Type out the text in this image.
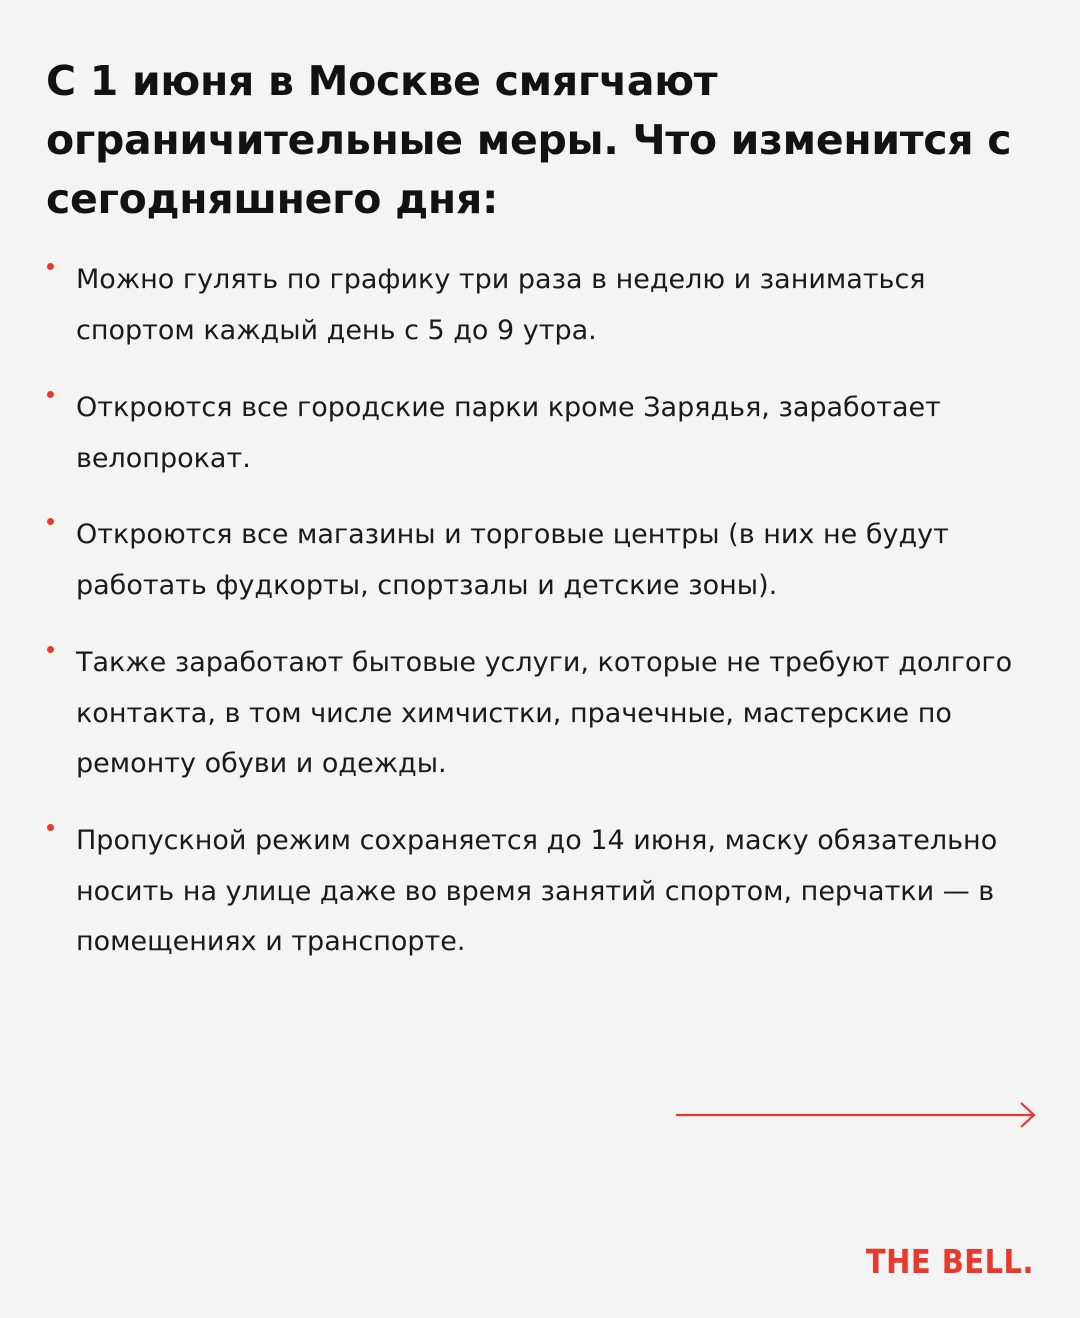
С 1 июня в Москве смягчают ограничительные меры. Что изменится с сегодняшнего дня:
Можно гулять по графику три раза в неделю и заниматься спортом каждый день с 5 до 9 утра.
Откроются все городские парки кроме Зарядья, заработает велопрокат.
Откроются все магазины и торговые центры (в них не будут работать фудкорты, спортзалы и детские зоны).
Также заработают бытовые услуги, которые не требуют долгого контакта, в том числе химчистки, прачечные, мастерские по ремонту обуви и одежды.
Пропускной режим сохраняется до 14 июня, маску обязательно носить на улице даже во время занятий спортом, перчатки — в помещениях и транспорте.
THE BELL.
